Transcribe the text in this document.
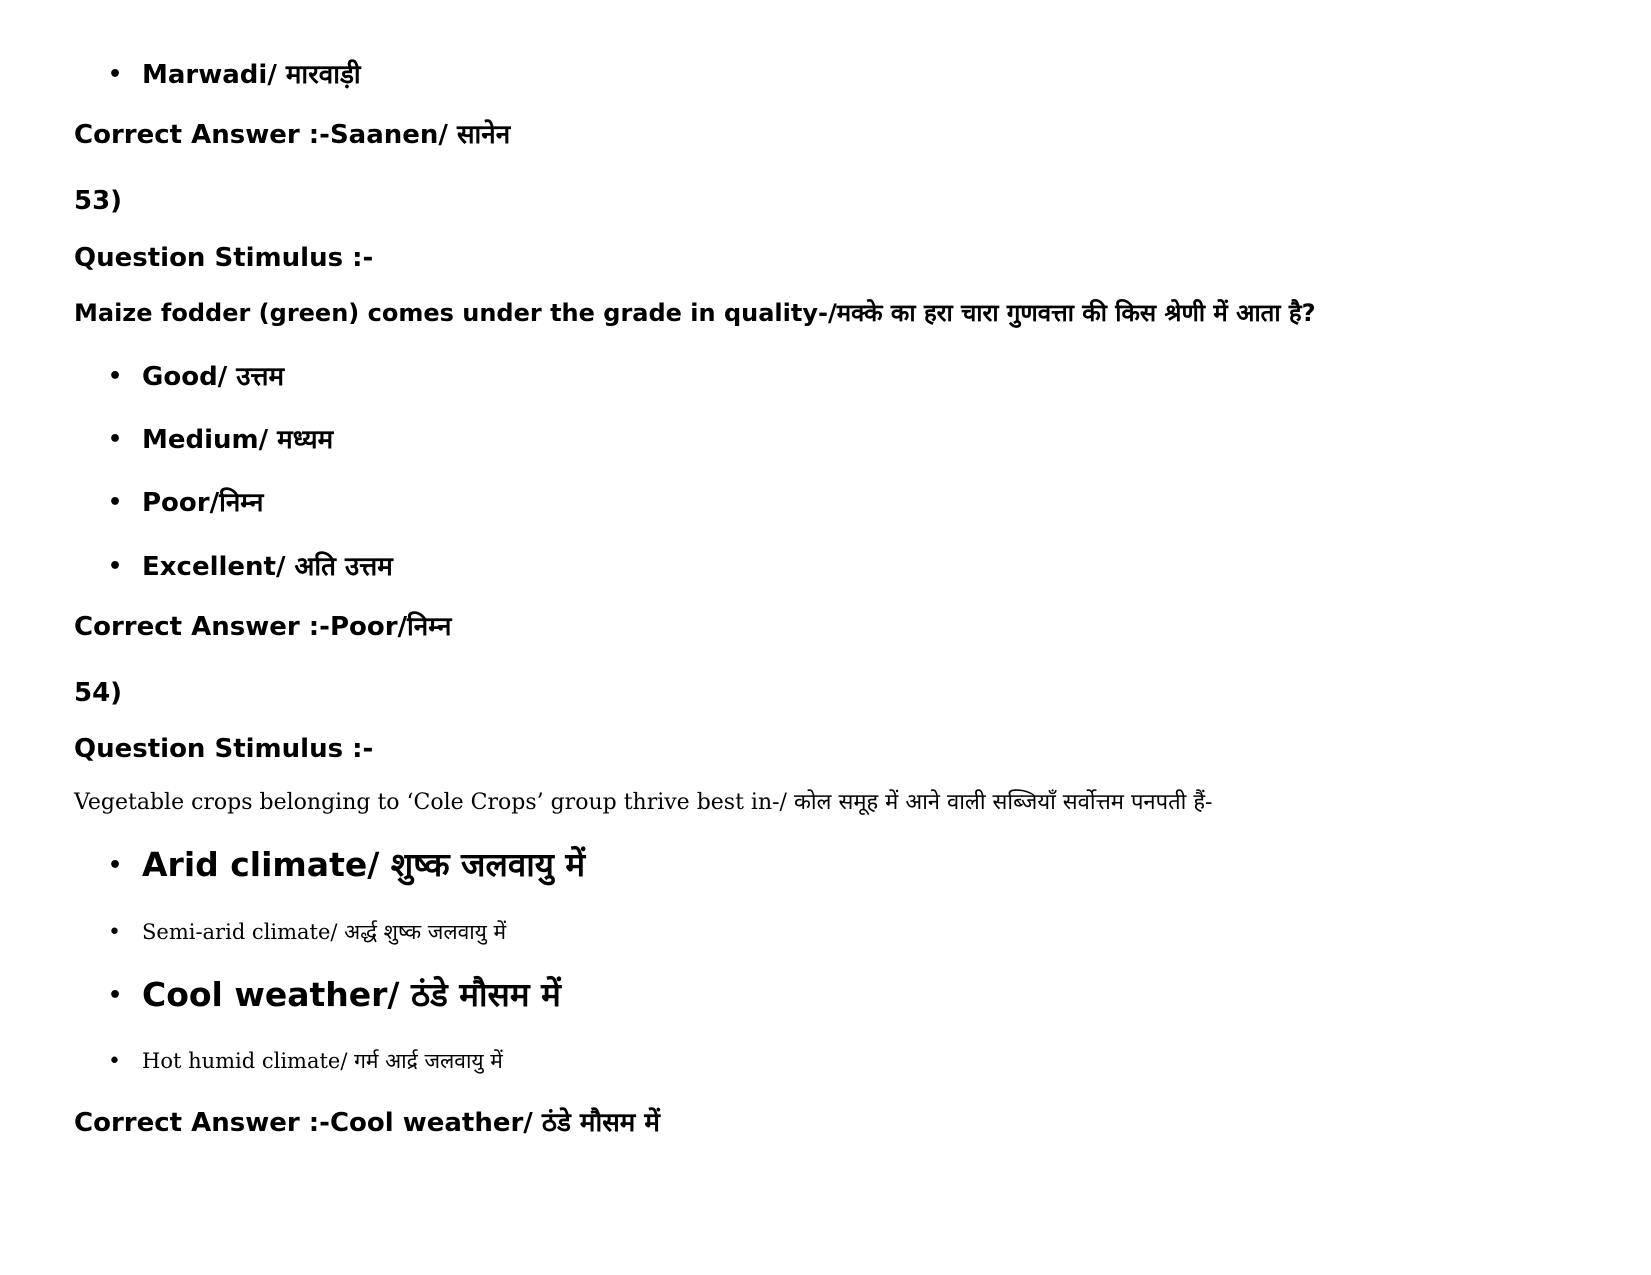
• Marwadi/ मारवाड़ी
Correct Answer :-Saanen/ सानेन
53)
Question Stimulus :-
Maize fodder (green) comes under the grade in quality-/मक्के का हरा चारा गुणवत्ता की किस श्रेणी में आता है?
• Good/ उत्तम
• Medium/ मध्यम
• Poor/निम्न
• Excellent/ अति उत्तम
Correct Answer :-Poor/निम्न
54)
Question Stimulus :-
Vegetable crops belonging to ‘Cole Crops’ group thrive best in-/ कोल समूह में आने वाली सब्जियाँ सर्वोत्तम पनपती हैं-
• Arid climate/ शुष्क जलवायु में
• Semi-arid climate/ अर्द्ध शुष्क जलवायु में
• Cool weather/ ठंडे मौसम में
• Hot humid climate/ गर्म आर्द्र जलवायु में
Correct Answer :-Cool weather/ ठंडे मौसम में
